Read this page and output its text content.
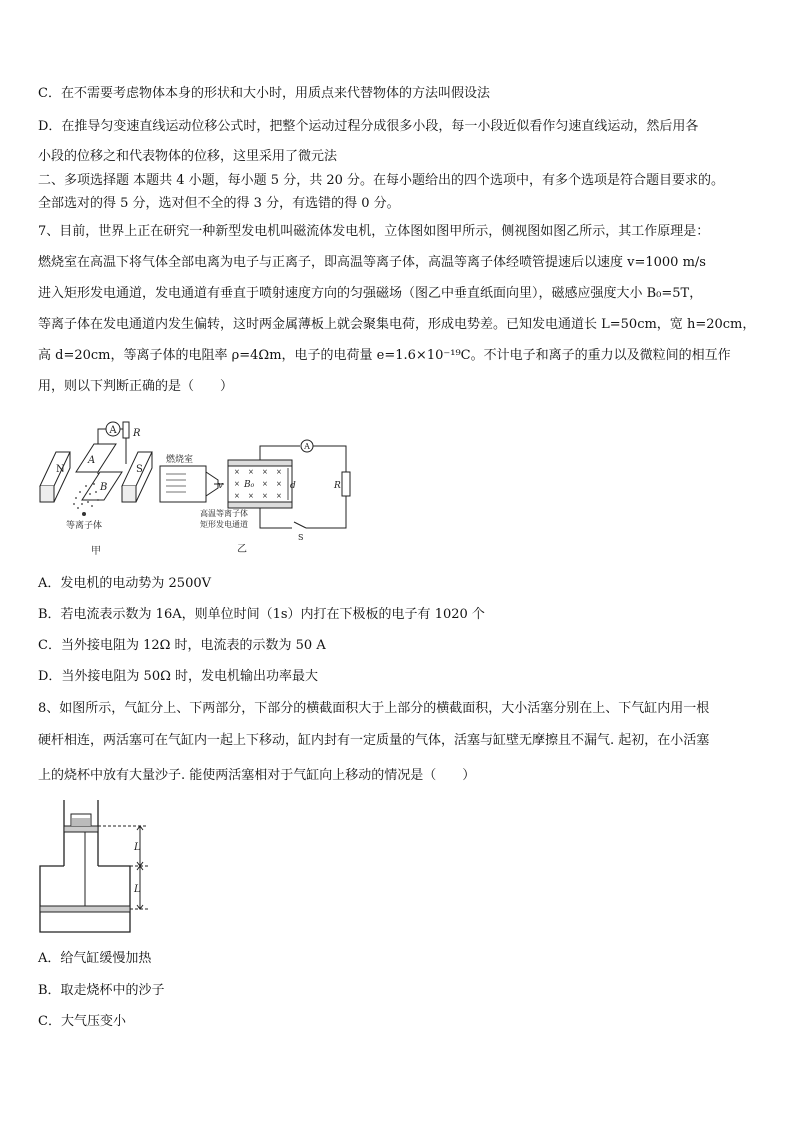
C．在不需要考虑物体本身的形状和大小时，用质点来代替物体的方法叫假设法
D．在推导匀变速直线运动位移公式时，把整个运动过程分成很多小段，每一小段近似看作匀速直线运动，然后用各
小段的位移之和代表物体的位移，这里采用了微元法
二、多项选择题 本题共 4 小题，每小题 5 分，共 20 分。在每小题给出的四个选项中，有多个选项是符合题目要求的。
全部选对的得 5 分，选对但不全的得 3 分，有选错的得 0 分。
7、目前，世界上正在研究一种新型发电机叫磁流体发电机，立体图如图甲所示，侧视图如图乙所示，其工作原理是：
燃烧室在高温下将气体全部电离为电子与正离子，即高温等离子体，高温等离子体经喷管提速后以速度 v=1000 m/s
进入矩形发电通道，发电通道有垂直于喷射速度方向的匀强磁场（图乙中垂直纸面向里），磁感应强度大小 B₀=5T，
等离子体在发电通道内发生偏转，这时两金属薄板上就会聚集电荷，形成电势差。已知发电通道长 L=50cm，宽 h=20cm，
高 d=20cm，等离子体的电阻率 ρ=4Ωm，电子的电荷量 e=1.6×10⁻¹⁹C。不计电子和离子的重力以及微粒间的相互作
用，则以下判断正确的是（　　）
A R
N
A
B
S
等离子体
甲
燃烧室
v
× × × ×
×	× ×
× × × ×
B₀	d
A
R
S
高温等离子体
矩形发电通道
乙
A．发电机的电动势为 2500V
B．若电流表示数为 16A，则单位时间（1s）内打在下极板的电子有 1020 个
C．当外接电阻为 12Ω 时，电流表的示数为 50 A
D．当外接电阻为 50Ω 时，发电机输出功率最大
8、如图所示，气缸分上、下两部分，下部分的横截面积大于上部分的横截面积，大小活塞分别在上、下气缸内用一根
硬杆相连，两活塞可在气缸内一起上下移动，缸内封有一定质量的气体，活塞与缸壁无摩擦且不漏气. 起初，在小活塞
上的烧杯中放有大量沙子. 能使两活塞相对于气缸向上移动的情况是（　　）
L
L
A．给气缸缓慢加热
B．取走烧杯中的沙子
C．大气压变小
